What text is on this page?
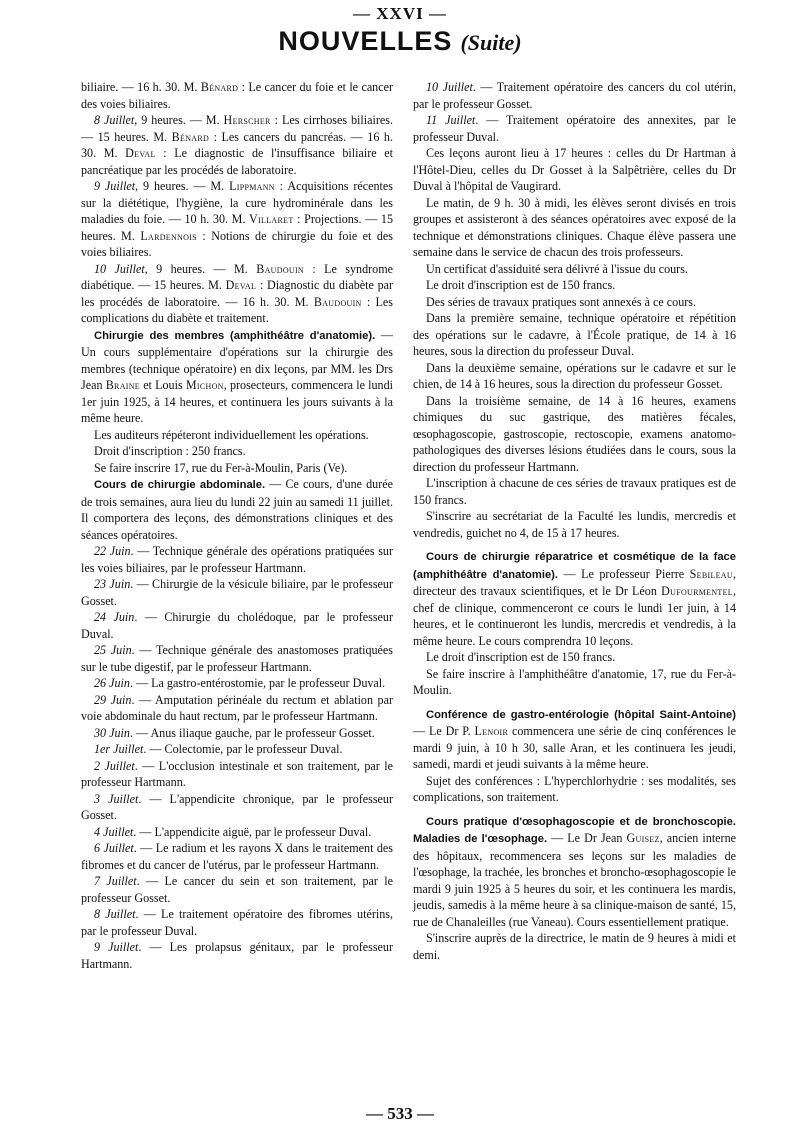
— XXVI —
NOUVELLES (Suite)

biliaire. — 16 h. 30. M. Bénard : Le cancer du foie et le cancer des voies biliaires.

8 Juillet, 9 heures. — M. Herscher : Les cirrhoses biliaires. — 15 heures. M. Bénard : Les cancers du pancréas. — 16 h. 30. M. Deval : Le diagnostic de l'insuffisance biliaire et pancréatique par les procédés de laboratoire.

9 Juillet, 9 heures. — M. Lippmann : Acquisitions récentes sur la diététique, l'hygiène, la cure hydrominérale dans les maladies du foie. — 10 h. 30. M. Villaret : Projections. — 15 heures. M. Lardennois : Notions de chirurgie du foie et des voies biliaires.

10 Juillet, 9 heures. — M. Baudouin : Le syndrome diabétique. — 15 heures. M. Deval : Diagnostic du diabète par les procédés de laboratoire. — 16 h. 30. M. Baudouin : Les complications du diabète et traitement.

Chirurgie des membres (amphithéâtre d'anatomie). — Un cours supplémentaire d'opérations sur la chirurgie des membres (technique opératoire) en dix leçons, par MM. les Drs Jean Braine et Louis Michon, prosecteurs, commencera le lundi 1er juin 1925, à 14 heures, et continuera les jours suivants à la même heure.

Les auditeurs répéteront individuellement les opérations.

Droit d'inscription : 250 francs.

Se faire inscrire 17, rue du Fer-à-Moulin, Paris (Ve).

Cours de chirurgie abdominale. — Ce cours, d'une durée de trois semaines, aura lieu du lundi 22 juin au samedi 11 juillet. Il comportera des leçons, des démonstrations cliniques et des séances opératoires.

22 Juin. — Technique générale des opérations pratiquées sur les voies biliaires, par le professeur Hartmann.

23 Juin. — Chirurgie de la vésicule biliaire, par le professeur Gosset.

24 Juin. — Chirurgie du cholédoque, par le professeur Duval.

25 Juin. — Technique générale des anastomoses pratiquées sur le tube digestif, par le professeur Hartmann.

26 Juin. — La gastro-entérostomie, par le professeur Duval.

29 Juin. — Amputation périnéale du rectum et ablation par voie abdominale du haut rectum, par le professeur Hartmann.

30 Juin. — Anus iliaque gauche, par le professeur Gosset.

1er Juillet. — Colectomie, par le professeur Duval.

2 Juillet. — L'occlusion intestinale et son traitement, par le professeur Hartmann.

3 Juillet. — L'appendicite chronique, par le professeur Gosset.

4 Juillet. — L'appendicite aiguë, par le professeur Duval.

6 Juillet. — Le radium et les rayons X dans le traitement des fibromes et du cancer de l'utérus, par le professeur Hartmann.

7 Juillet. — Le cancer du sein et son traitement, par le professeur Gosset.

8 Juillet. — Le traitement opératoire des fibromes utérins, par le professeur Duval.

9 Juillet. — Les prolapsus génitaux, par le professeur Hartmann.

10 Juillet. — Traitement opératoire des cancers du col utérin, par le professeur Gosset.

11 Juillet. — Traitement opératoire des annexites, par le professeur Duval.

Ces leçons auront lieu à 17 heures : celles du Dr Hartman à l'Hôtel-Dieu, celles du Dr Gosset à la Salpêtrière, celles du Dr Duval à l'hôpital de Vaugirard.

Le matin, de 9 h. 30 à midi, les élèves seront divisés en trois groupes et assisteront à des séances opératoires avec exposé de la technique et démonstrations cliniques. Chaque élève passera une semaine dans le service de chacun des trois professeurs.

Un certificat d'assiduité sera délivré à l'issue du cours.

Le droit d'inscription est de 150 francs.

Des séries de travaux pratiques sont annexés à ce cours.

Dans la première semaine, technique opératoire et répétition des opérations sur le cadavre, à l'École pratique, de 14 à 16 heures, sous la direction du professeur Duval.

Dans la deuxième semaine, opérations sur le cadavre et sur le chien, de 14 à 16 heures, sous la direction du professeur Gosset.

Dans la troisième semaine, de 14 à 16 heures, examens chimiques du suc gastrique, des matières fécales, œsophagoscopie, gastroscopie, rectoscopie, examens anatomo-pathologiques des diverses lésions étudiées dans le cours, sous la direction du professeur Hartmann.

L'inscription à chacune de ces séries de travaux pratiques est de 150 francs.

S'inscrire au secrétariat de la Faculté les lundis, mercredis et vendredis, guichet no 4, de 15 à 17 heures.

Cours de chirurgie réparatrice et cosmétique de la face (amphithéâtre d'anatomie). — Le professeur Pierre Sebileau, directeur des travaux scientifiques, et le Dr Léon Dufourmentel, chef de clinique, commenceront ce cours le lundi 1er juin, à 14 heures, et le continueront les lundis, mercredis et vendredis, à la même heure. Le cours comprendra 10 leçons.

Le droit d'inscription est de 150 francs.

Se faire inscrire à l'amphithéâtre d'anatomie, 17, rue du Fer-à-Moulin.

Conférence de gastro-entérologie (hôpital Saint-Antoine) — Le Dr P. Lenoir commencera une série de cinq conférences le mardi 9 juin, à 10 h 30, salle Aran, et les continuera les jeudi, samedi, mardi et jeudi suivants à la même heure.

Sujet des conférences : L'hyperchlorhydrie : ses modalités, ses complications, son traitement.

Cours pratique d'œsophagoscopie et de bronchoscopie. Maladies de l'œsophage. — Le Dr Jean Guisez, ancien interne des hôpitaux, recommencera ses leçons sur les maladies de l'œsophage, la trachée, les bronches et broncho-œsophagoscopie le mardi 9 juin 1925 à 5 heures du soir, et les continuera les mardis, jeudis, samedis à la même heure à sa clinique-maison de santé, 15, rue de Chanaleilles (rue Vaneau). Cours essentiellement pratique.

S'inscrire auprès de la directrice, le matin de 9 heures à midi et demi.

— 533 —
